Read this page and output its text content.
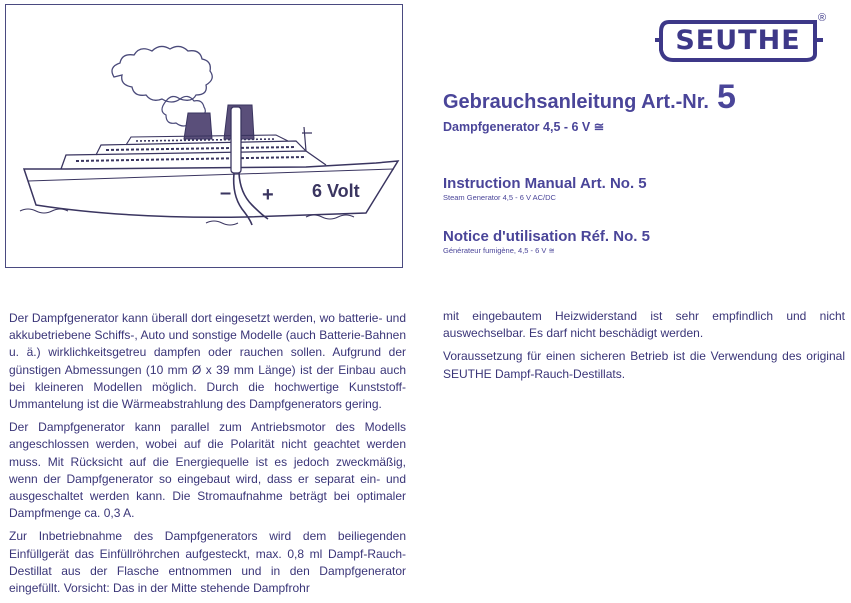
– + 6 Volt
SEUTHE
®
Gebrauchsanleitung Art.-Nr. 5
Dampfgenerator 4,5 - 6 V ≅
Instruction Manual Art. No. 5
Steam Generator 4,5 - 6 V AC/DC
Notice d'utilisation Réf. No. 5
Générateur fumigène, 4,5 - 6 V ≅

Der Dampfgenerator kann überall dort eingesetzt werden, wo batterie- und akkubetriebene Schiffs-, Auto und sonstige Modelle (auch Batterie-Bahnen u. ä.) wirklichkeitsgetreu dampfen oder rauchen sollen. Aufgrund der günstigen Abmessungen (10 mm Ø x 39 mm Länge) ist der Einbau auch bei kleineren Modellen möglich. Durch die hochwertige Kunststoff-Ummantelung ist die Wärmeabstrahlung des Dampfgenerators gering.

Der Dampfgenerator kann parallel zum Antriebsmotor des Modells angeschlossen werden, wobei auf die Polarität nicht geachtet werden muss. Mit Rücksicht auf die Energiequelle ist es jedoch zweckmäßig, wenn der Dampfgenerator so eingebaut wird, dass er separat ein- und ausgeschaltet werden kann. Die Stromaufnahme beträgt bei optimaler Dampfmenge ca. 0,3 A.

Zur Inbetriebnahme des Dampfgenerators wird dem beiliegenden Einfüllgerät das Einfüllröhrchen aufgesteckt, max. 0,8 ml Dampf-Rauch-Destillat aus der Flasche entnommen und in den Dampfgenerator eingefüllt. Vorsicht: Das in der Mitte stehende Dampfrohr

mit eingebautem Heizwiderstand ist sehr empfindlich und nicht auswechselbar. Es darf nicht beschädigt werden.

Voraussetzung für einen sicheren Betrieb ist die Verwendung des original SEUTHE Dampf-Rauch-Destillats.
